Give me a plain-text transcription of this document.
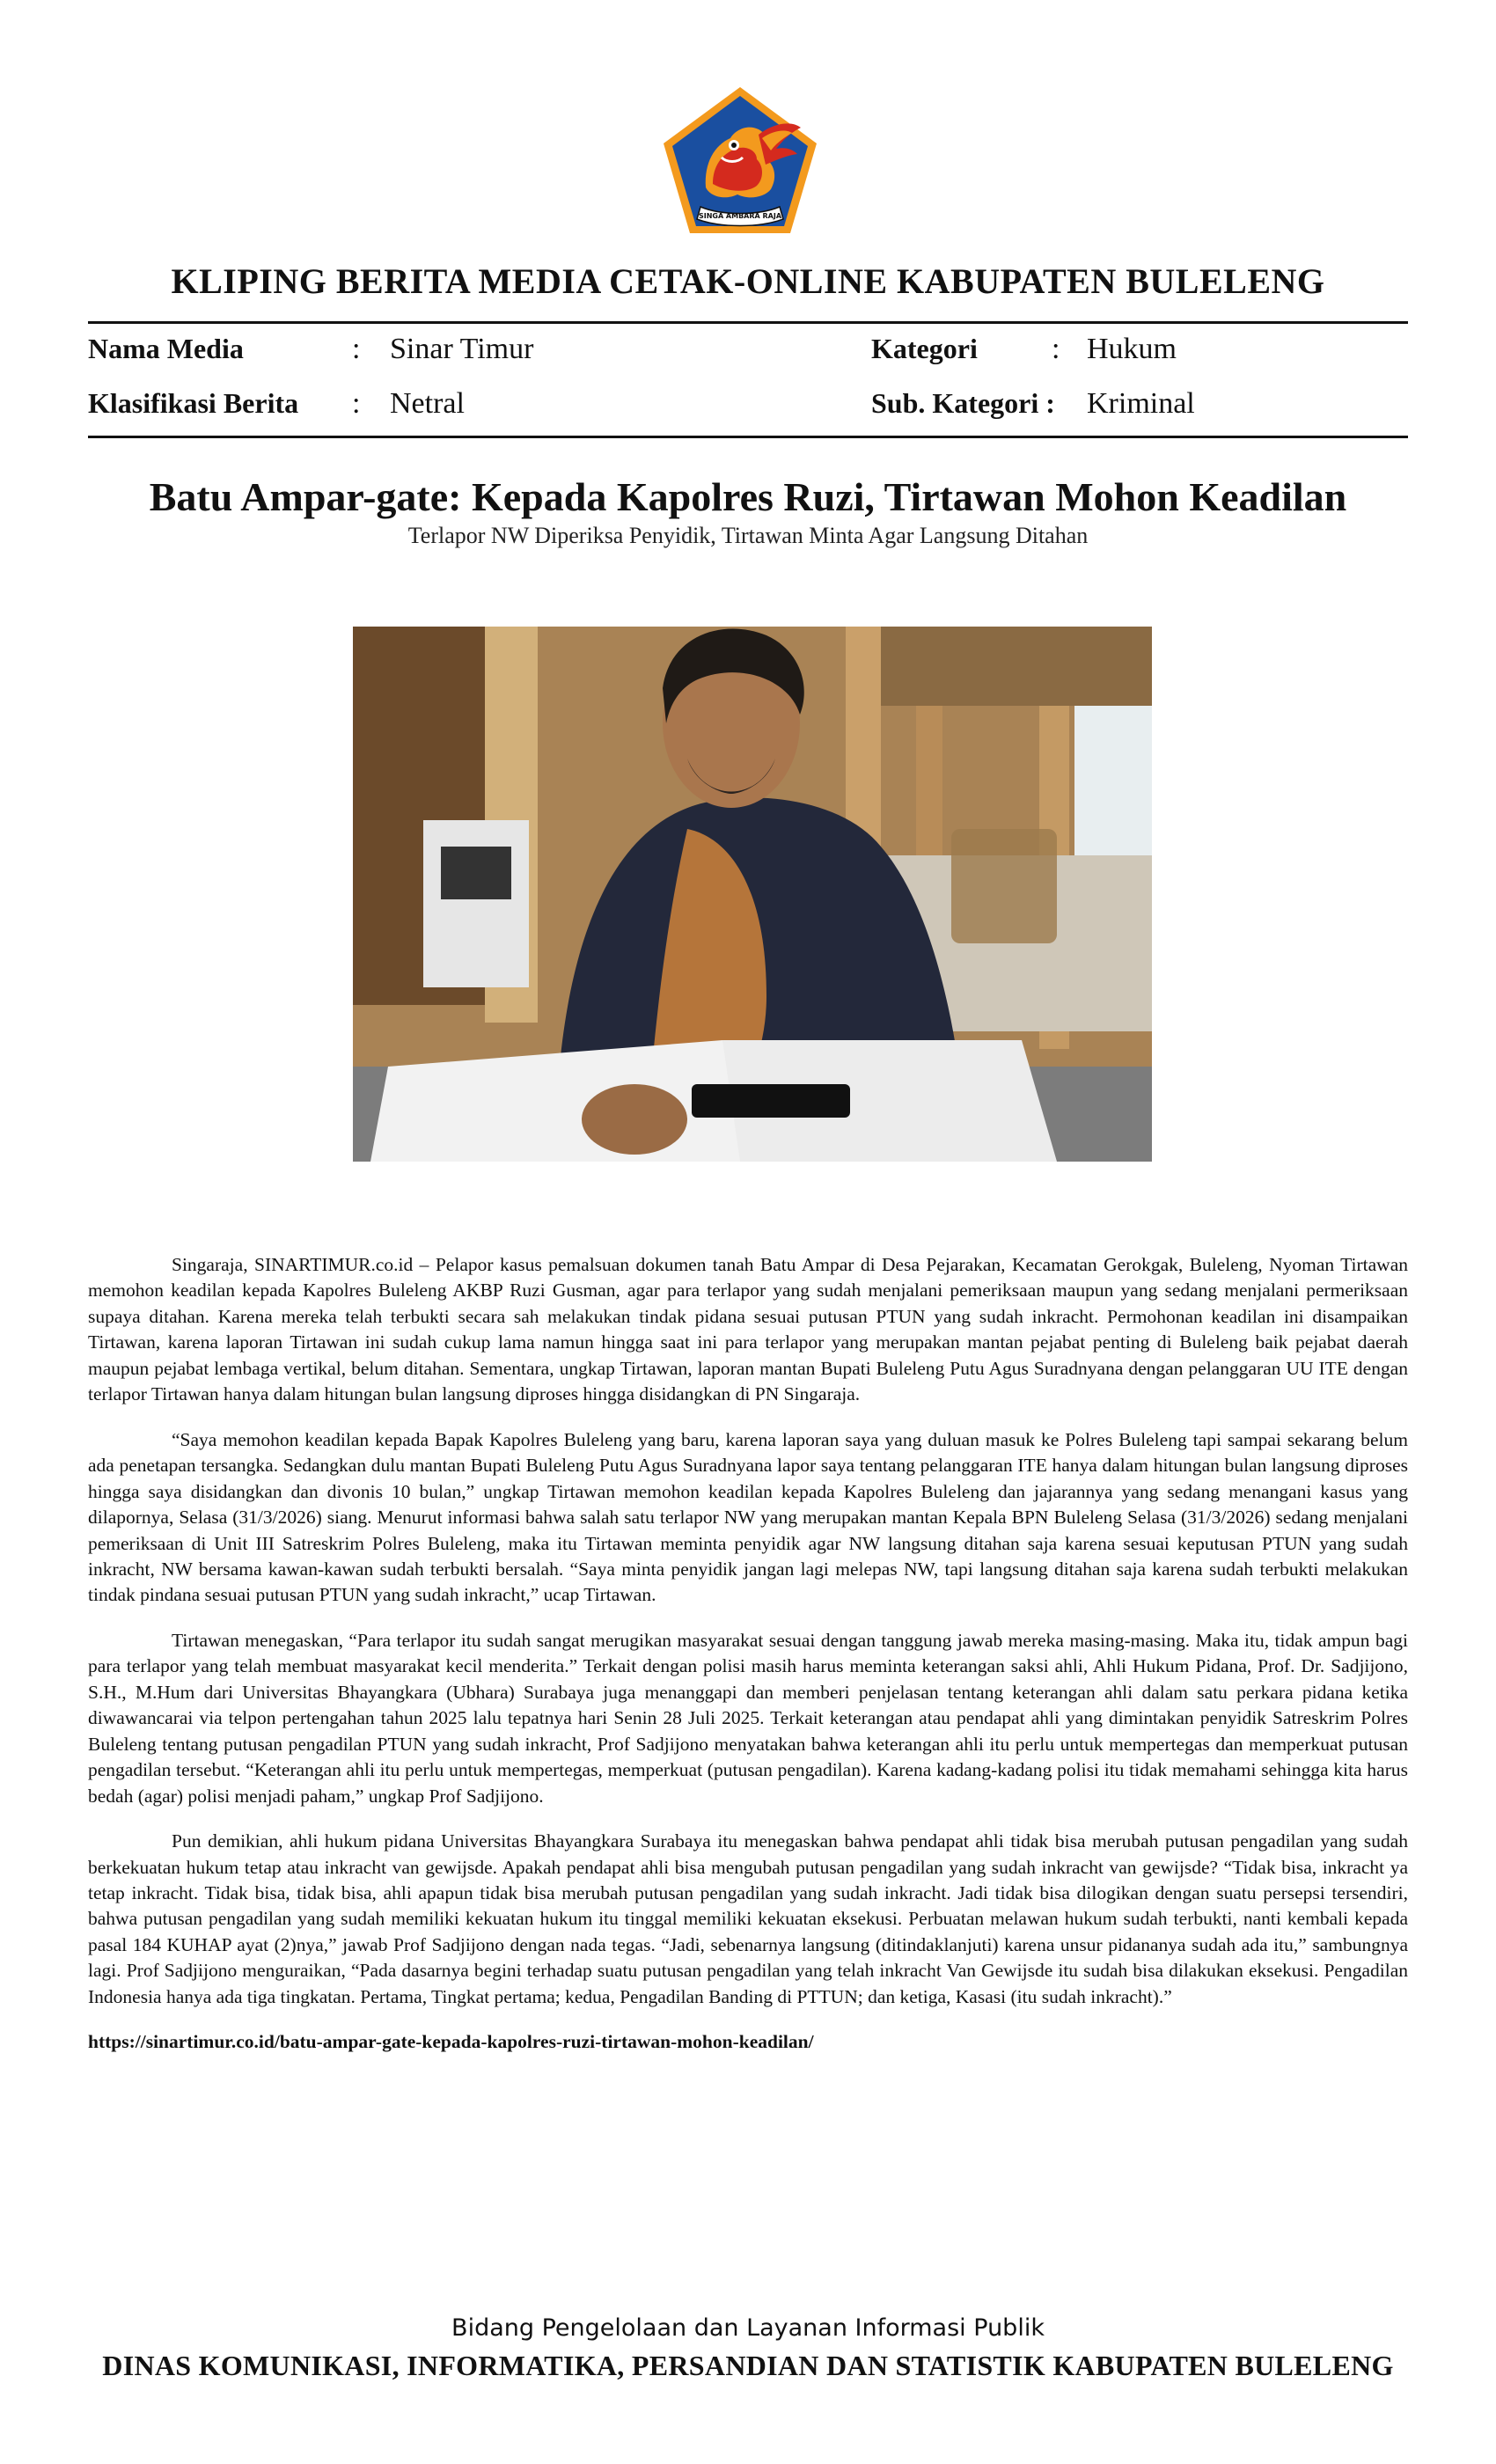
SINGA AMBARA RAJA
KLIPING BERITA MEDIA CETAK-ONLINE KABUPATEN BULELENG
Nama Media	: Sinar Timur
Klasifikasi Berita : Netral
Kategori : Hukum
Sub. Kategori : Kriminal
Batu Ampar-gate: Kepada Kapolres Ruzi, Tirtawan Mohon Keadilan
Terlapor NW Diperiksa Penyidik, Tirtawan Minta Agar Langsung Ditahan

Singaraja, SINARTIMUR.co.id – Pelapor kasus pemalsuan dokumen tanah Batu Ampar di Desa Pejarakan, Kecamatan Gerokgak, Buleleng, Nyoman Tirtawan memohon keadilan kepada Kapolres Buleleng AKBP Ruzi Gusman, agar para terlapor yang sudah menjalani pemeriksaan maupun yang sedang menjalani permeriksaan supaya ditahan. Karena mereka telah terbukti secara sah melakukan tindak pidana sesuai putusan PTUN yang sudah inkracht. Permohonan keadilan ini disampaikan Tirtawan, karena laporan Tirtawan ini sudah cukup lama namun hingga saat ini para terlapor yang merupakan mantan pejabat penting di Buleleng baik pejabat daerah maupun pejabat lembaga vertikal, belum ditahan. Sementara, ungkap Tirtawan, laporan mantan Bupati Buleleng Putu Agus Suradnyana dengan pelanggaran UU ITE dengan terlapor Tirtawan hanya dalam hitungan bulan langsung diproses hingga disidangkan di PN Singaraja.

“Saya memohon keadilan kepada Bapak Kapolres Buleleng yang baru, karena laporan saya yang duluan masuk ke Polres Buleleng tapi sampai sekarang belum ada penetapan tersangka. Sedangkan dulu mantan Bupati Buleleng Putu Agus Suradnyana lapor saya tentang pelanggaran ITE hanya dalam hitungan bulan langsung diproses hingga saya disidangkan dan divonis 10 bulan,” ungkap Tirtawan memohon keadilan kepada Kapolres Buleleng dan jajarannya yang sedang menangani kasus yang dilapornya, Selasa (31/3/2026) siang. Menurut informasi bahwa salah satu terlapor NW yang merupakan mantan Kepala BPN Buleleng Selasa (31/3/2026) sedang menjalani pemeriksaan di Unit III Satreskrim Polres Buleleng, maka itu Tirtawan meminta penyidik agar NW langsung ditahan saja karena sesuai keputusan PTUN yang sudah inkracht, NW bersama kawan-kawan sudah terbukti bersalah. “Saya minta penyidik jangan lagi melepas NW, tapi langsung ditahan saja karena sudah terbukti melakukan tindak pindana sesuai putusan PTUN yang sudah inkracht,” ucap Tirtawan.

Tirtawan menegaskan, “Para terlapor itu sudah sangat merugikan masyarakat sesuai dengan tanggung jawab mereka masing-masing. Maka itu, tidak ampun bagi para terlapor yang telah membuat masyarakat kecil menderita.” Terkait dengan polisi masih harus meminta keterangan saksi ahli, Ahli Hukum Pidana, Prof. Dr. Sadjijono, S.H., M.Hum dari Universitas Bhayangkara (Ubhara) Surabaya juga menanggapi dan memberi penjelasan tentang keterangan ahli dalam satu perkara pidana ketika diwawancarai via telpon pertengahan tahun 2025 lalu tepatnya hari Senin 28 Juli 2025. Terkait keterangan atau pendapat ahli yang dimintakan penyidik Satreskrim Polres Buleleng tentang putusan pengadilan PTUN yang sudah inkracht, Prof Sadjijono menyatakan bahwa keterangan ahli itu perlu untuk mempertegas dan memperkuat putusan pengadilan tersebut. “Keterangan ahli itu perlu untuk mempertegas, memperkuat (putusan pengadilan). Karena kadang-kadang polisi itu tidak memahami sehingga kita harus bedah (agar) polisi menjadi paham,” ungkap Prof Sadjijono.

Pun demikian, ahli hukum pidana Universitas Bhayangkara Surabaya itu menegaskan bahwa pendapat ahli tidak bisa merubah putusan pengadilan yang sudah berkekuatan hukum tetap atau inkracht van gewijsde. Apakah pendapat ahli bisa mengubah putusan pengadilan yang sudah inkracht van gewijsde? “Tidak bisa, inkracht ya tetap inkracht. Tidak bisa, tidak bisa, ahli apapun tidak bisa merubah putusan pengadilan yang sudah inkracht. Jadi tidak bisa dilogikan dengan suatu persepsi tersendiri, bahwa putusan pengadilan yang sudah memiliki kekuatan hukum itu tinggal memiliki kekuatan eksekusi. Perbuatan melawan hukum sudah terbukti, nanti kembali kepada pasal 184 KUHAP ayat (2)nya,” jawab Prof Sadjijono dengan nada tegas. “Jadi, sebenarnya langsung (ditindaklanjuti) karena unsur pidananya sudah ada itu,” sambungnya lagi. Prof Sadjijono menguraikan, “Pada dasarnya begini terhadap suatu putusan pengadilan yang telah inkracht Van Gewijsde itu sudah bisa dilakukan eksekusi. Pengadilan Indonesia hanya ada tiga tingkatan. Pertama, Tingkat pertama; kedua, Pengadilan Banding di PTTUN; dan ketiga, Kasasi (itu sudah inkracht).”

https://sinartimur.co.id/batu-ampar-gate-kepada-kapolres-ruzi-tirtawan-mohon-keadilan/

Bidang Pengelolaan dan Layanan Informasi Publik
DINAS KOMUNIKASI, INFORMATIKA, PERSANDIAN DAN STATISTIK KABUPATEN BULELENG
